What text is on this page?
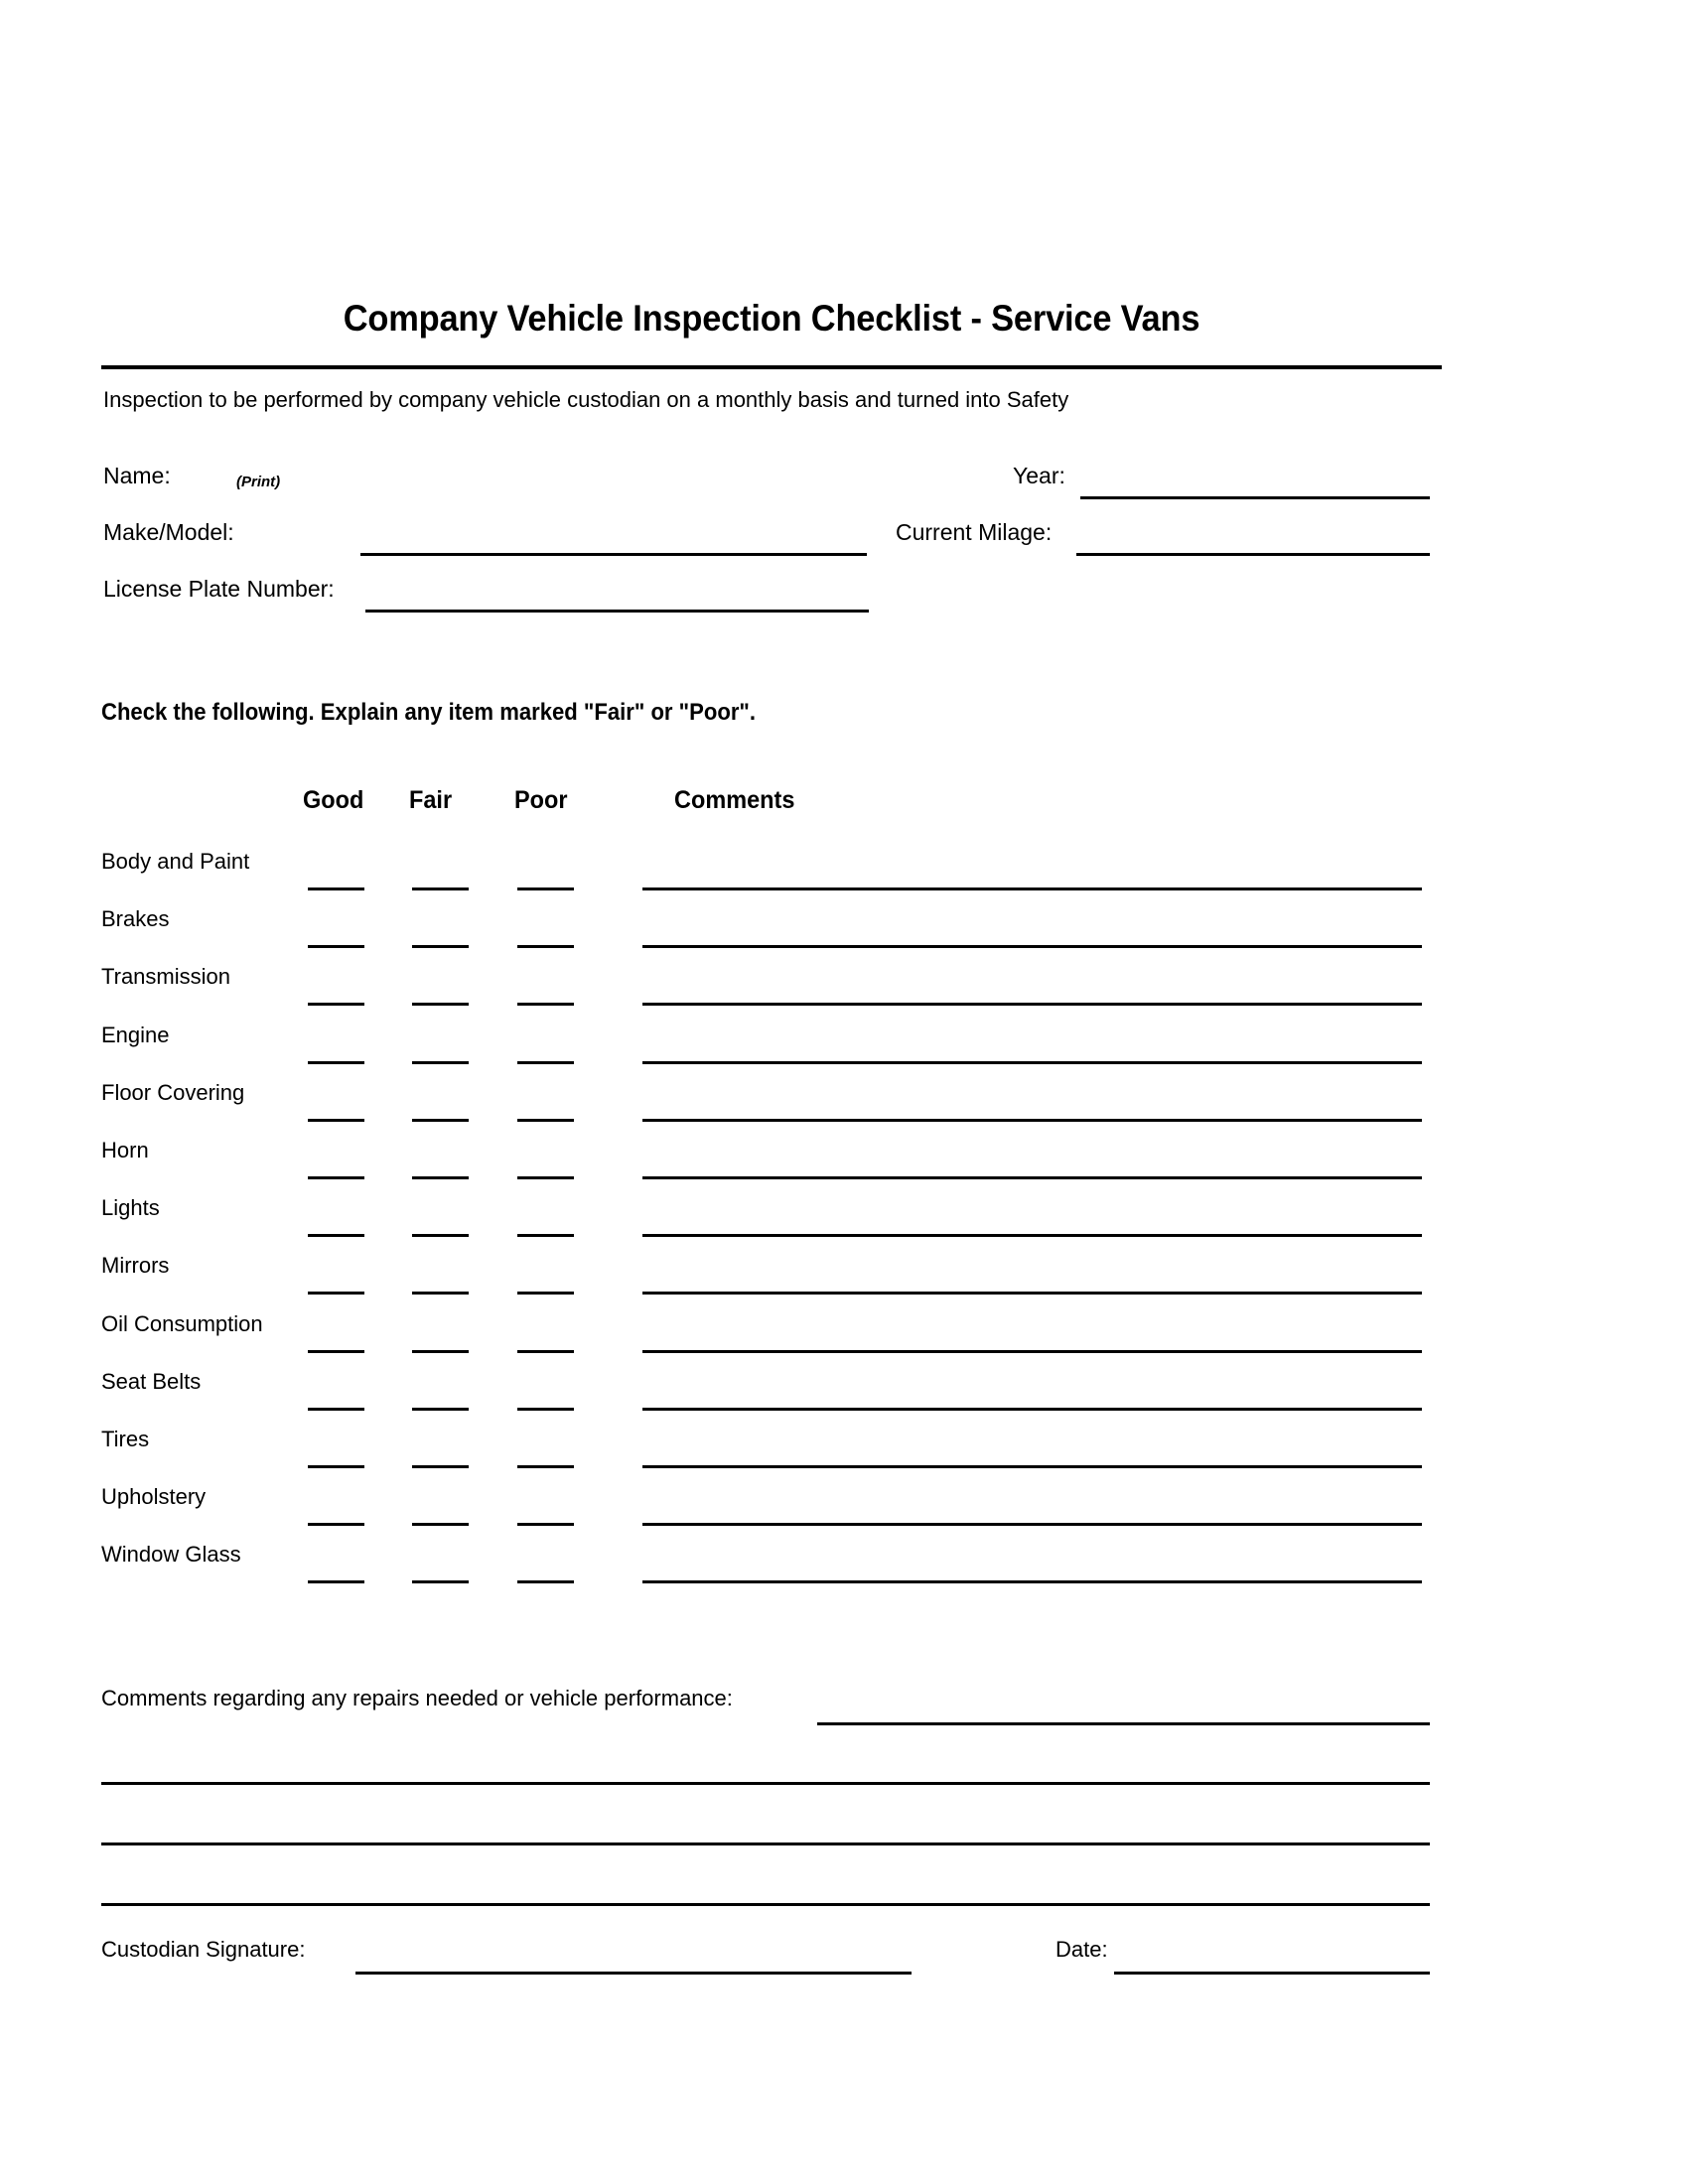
Company Vehicle Inspection Checklist - Service Vans
Inspection to be performed by company vehicle custodian on a monthly basis and turned into Safety
Name:	(Print)	Year:
Make/Model:	Current Milage:
License Plate Number:
Check the following. Explain any item marked "Fair" or "Poor".
Good Fair	Poor	Comments
Body and Paint
Brakes
Transmission
Engine
Floor Covering
Horn
Lights
Mirrors
Oil Consumption
Seat Belts
Tires
Upholstery
Window Glass
Comments regarding any repairs needed or vehicle performance:
Custodian Signature:	Date:
